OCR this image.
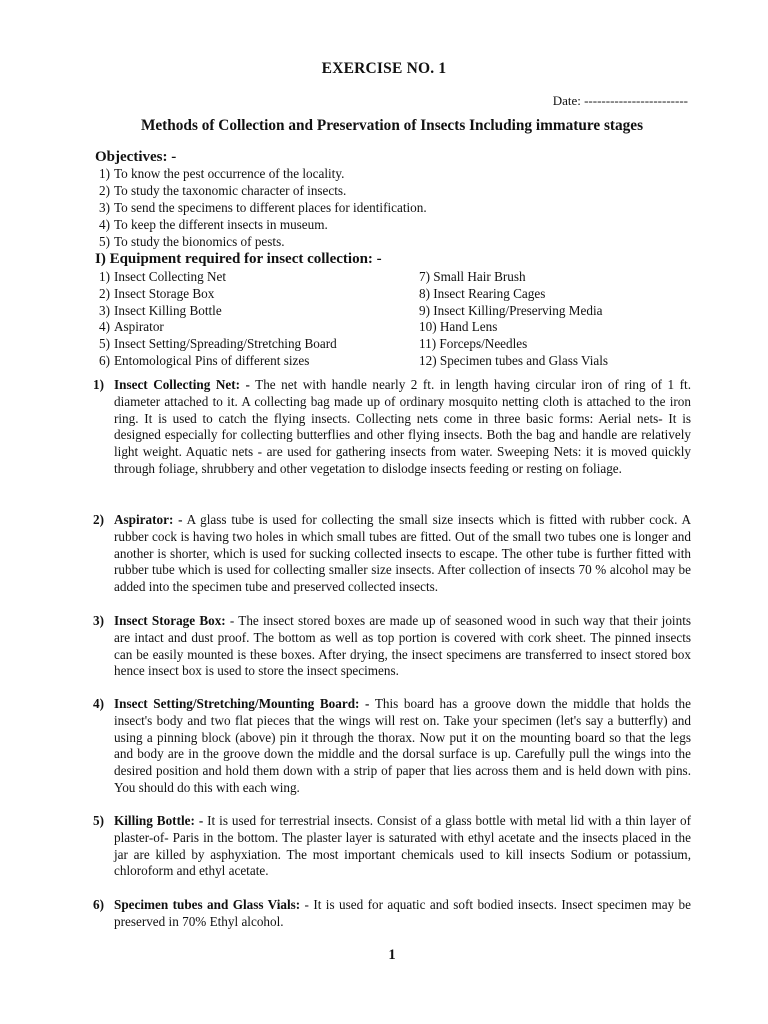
EXERCISE NO. 1
Date: ------------------------
Methods of Collection and Preservation of Insects Including immature stages
Objectives: -
1) To know the pest occurrence of the locality.
2) To study the taxonomic character of insects.
3) To send the specimens to different places for identification.
4) To keep the different insects in museum.
5) To study the bionomics of pests.
I) Equipment required for insect collection: -
1) Insect Collecting Net
2) Insect Storage Box
3) Insect Killing Bottle
4) Aspirator
5) Insect Setting/Spreading/Stretching Board
6) Entomological Pins of different sizes
7) Small Hair Brush
8) Insect Rearing Cages
9) Insect Killing/Preserving Media
10) Hand Lens
11) Forceps/Needles
12) Specimen tubes and Glass Vials
1) Insect Collecting Net: - The net with handle nearly 2 ft. in length having circular iron of ring of 1 ft. diameter attached to it. A collecting bag made up of ordinary mosquito netting cloth is attached to the iron ring. It is used to catch the flying insects. Collecting nets come in three basic forms: Aerial nets- It is designed especially for collecting butterflies and other flying insects. Both the bag and handle are relatively light weight. Aquatic nets - are used for gathering insects from water. Sweeping Nets: it is moved quickly through foliage, shrubbery and other vegetation to dislodge insects feeding or resting on foliage.
2) Aspirator: - A glass tube is used for collecting the small size insects which is fitted with rubber cock. A rubber cock is having two holes in which small tubes are fitted. Out of the small two tubes one is longer and another is shorter, which is used for sucking collected insects to escape. The other tube is further fitted with rubber tube which is used for collecting smaller size insects. After collection of insects 70 % alcohol may be added into the specimen tube and preserved collected insects.
3) Insect Storage Box: - The insect stored boxes are made up of seasoned wood in such way that their joints are intact and dust proof. The bottom as well as top portion is covered with cork sheet. The pinned insects can be easily mounted is these boxes. After drying, the insect specimens are transferred to insect stored box hence insect box is used to store the insect specimens.
4) Insect Setting/Stretching/Mounting Board: - This board has a groove down the middle that holds the insect's body and two flat pieces that the wings will rest on. Take your specimen (let's say a butterfly) and using a pinning block (above) pin it through the thorax. Now put it on the mounting board so that the legs and body are in the groove down the middle and the dorsal surface is up. Carefully pull the wings into the desired position and hold them down with a strip of paper that lies across them and is held down with pins. You should do this with each wing.
5) Killing Bottle: - It is used for terrestrial insects. Consist of a glass bottle with metal lid with a thin layer of plaster-of- Paris in the bottom. The plaster layer is saturated with ethyl acetate and the insects placed in the jar are killed by asphyxiation. The most important chemicals used to kill insects Sodium or potassium, chloroform and ethyl acetate.
6) Specimen tubes and Glass Vials: - It is used for aquatic and soft bodied insects. Insect specimen may be preserved in 70% Ethyl alcohol.
1
